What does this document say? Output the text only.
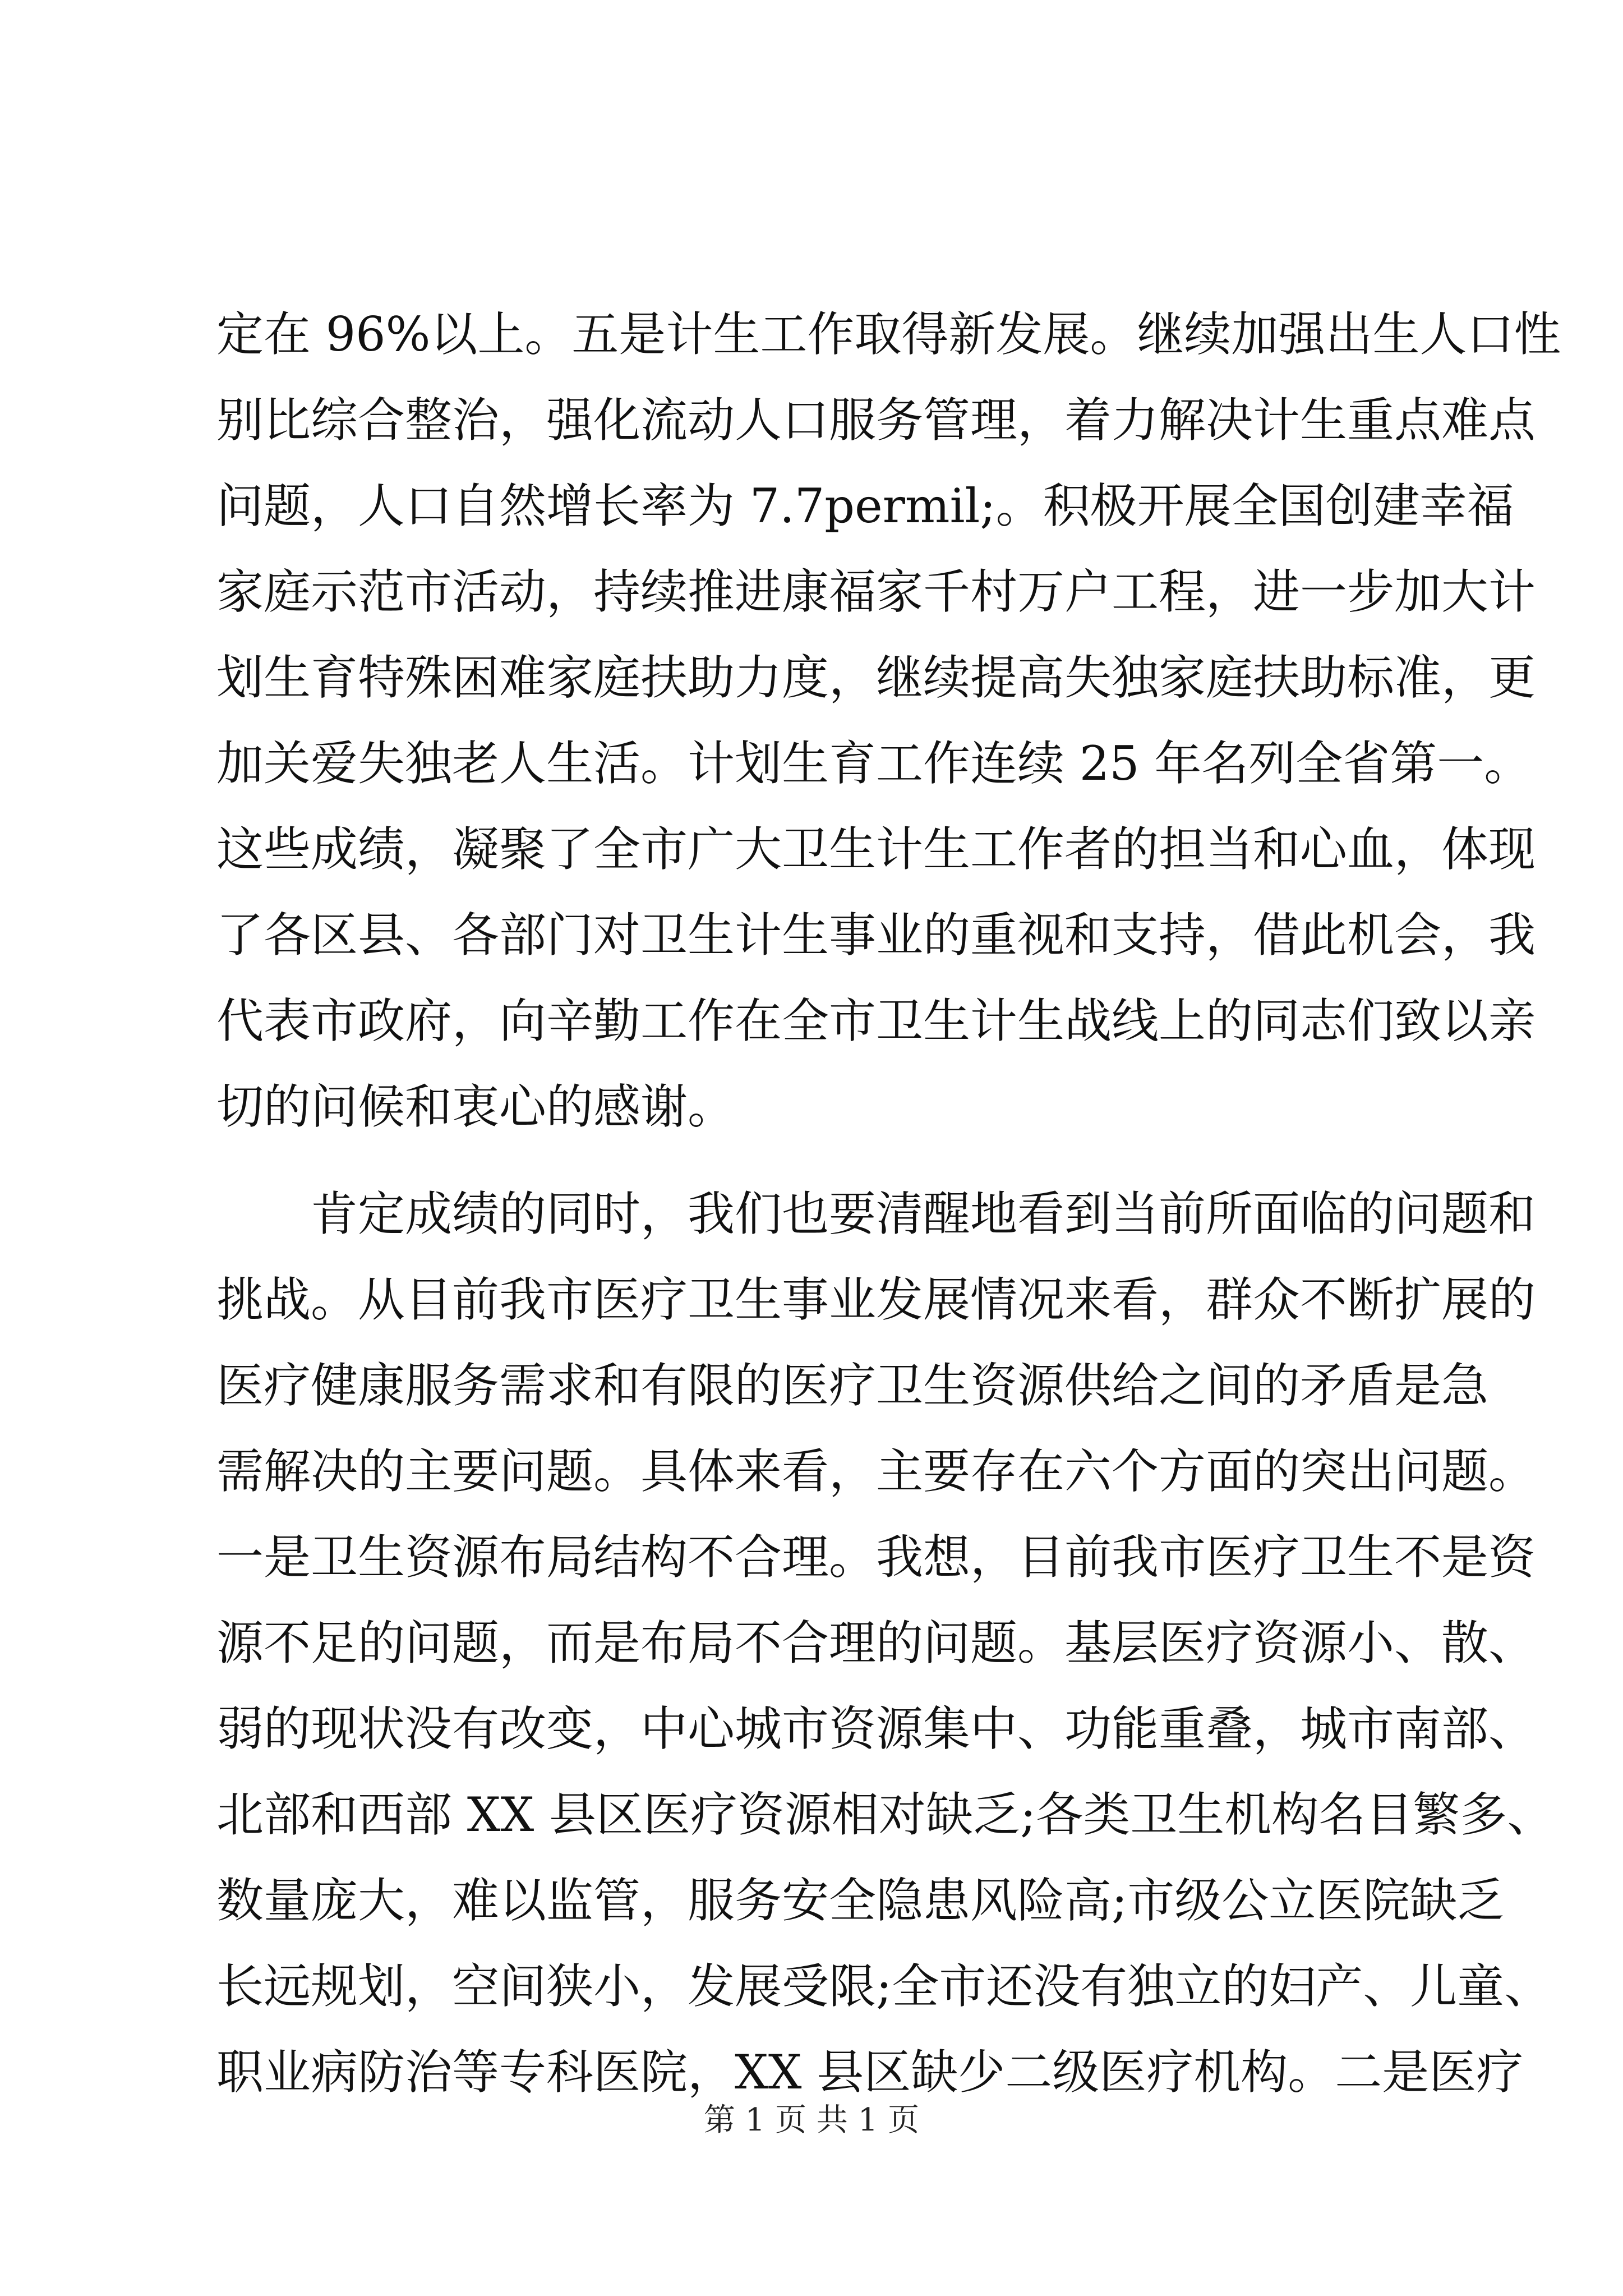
定在 96%以上。五是计生工作取得新发展。继续加强出生人口性
别比综合整治，强化流动人口服务管理，着力解决计生重点难点
问题，人口自然增长率为 7.7permil;。积极开展全国创建幸福
家庭示范市活动，持续推进康福家千村万户工程，进一步加大计
划生育特殊困难家庭扶助力度，继续提高失独家庭扶助标准，更
加关爱失独老人生活。计划生育工作连续 25 年名列全省第一。
这些成绩，凝聚了全市广大卫生计生工作者的担当和心血，体现
了各区县、各部门对卫生计生事业的重视和支持，借此机会，我
代表市政府，向辛勤工作在全市卫生计生战线上的同志们致以亲
切的问候和衷心的感谢。
　　肯定成绩的同时，我们也要清醒地看到当前所面临的问题和
挑战。从目前我市医疗卫生事业发展情况来看，群众不断扩展的
医疗健康服务需求和有限的医疗卫生资源供给之间的矛盾是急
需解决的主要问题。具体来看，主要存在六个方面的突出问题。
一是卫生资源布局结构不合理。我想，目前我市医疗卫生不是资
源不足的问题，而是布局不合理的问题。基层医疗资源小、散、
弱的现状没有改变，中心城市资源集中、功能重叠，城市南部、
北部和西部 XX 县区医疗资源相对缺乏;各类卫生机构名目繁多、
数量庞大，难以监管，服务安全隐患风险高;市级公立医院缺乏
长远规划，空间狭小，发展受限;全市还没有独立的妇产、儿童、
职业病防治等专科医院，XX 县区缺少二级医疗机构。二是医疗
第 1 页 共 1 页
